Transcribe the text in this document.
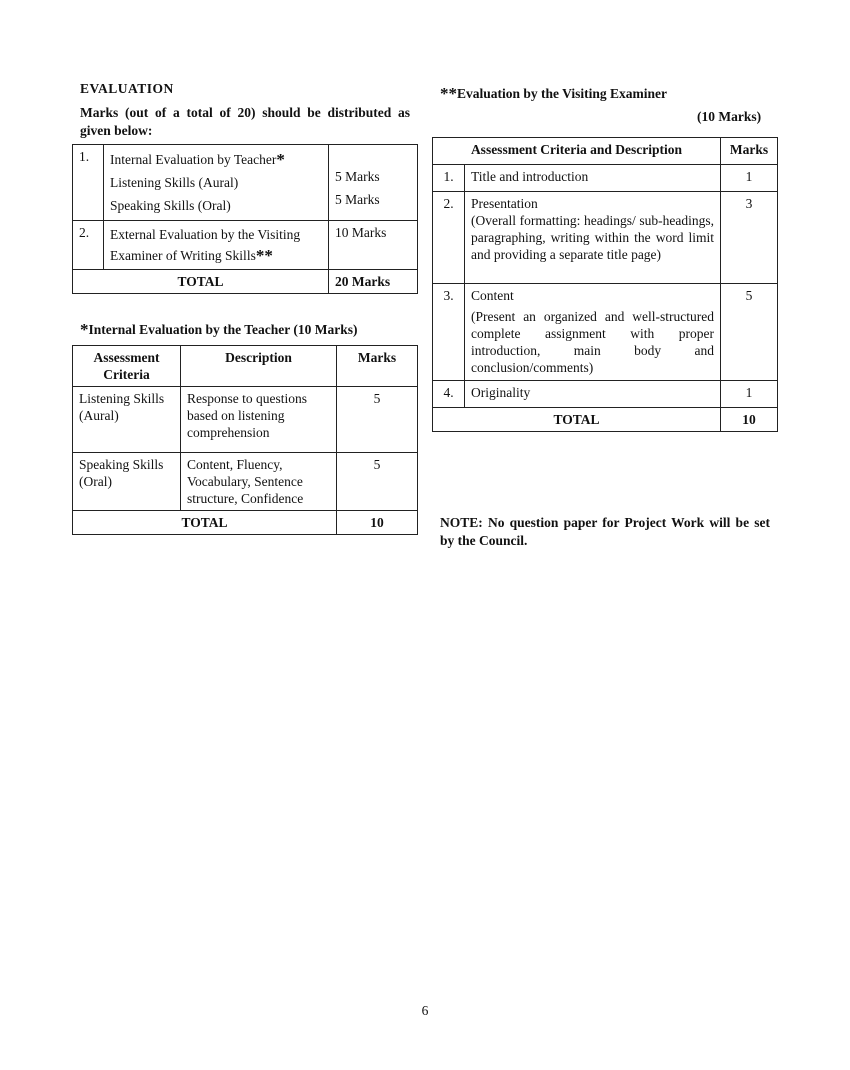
EVALUATION
Marks (out of a total of 20) should be distributed as given below:
1.	Internal Evaluation by Teacher*
Listening Skills (Aural)
Speaking Skills (Oral)	5 Marks
5 Marks

2.	External Evaluation by the Visiting Examiner of Writing Skills**	10 Marks
TOTAL		20 Marks
*Internal Evaluation by the Teacher (10 Marks)
Assessment Criteria	Description	Marks
Listening Skills (Aural)	Response to questions based on listening comprehension	5
Speaking Skills (Oral)	Content, Fluency, Vocabulary, Sentence structure, Confidence	5
TOTAL		10
**Evaluation by the Visiting Examiner
(10 Marks)
Assessment Criteria and Description		Marks
1.	Title and introduction	1
2.	Presentation
(Overall formatting: headings/ sub-headings, paragraphing, writing within the word limit and providing a separate title page)	3
3.	Content
(Present an organized and well-structured complete assignment with proper introduction, main body and conclusion/comments)	5
4.	Originality	1
TOTAL		10
NOTE: No question paper for Project Work will be set by the Council.
6
